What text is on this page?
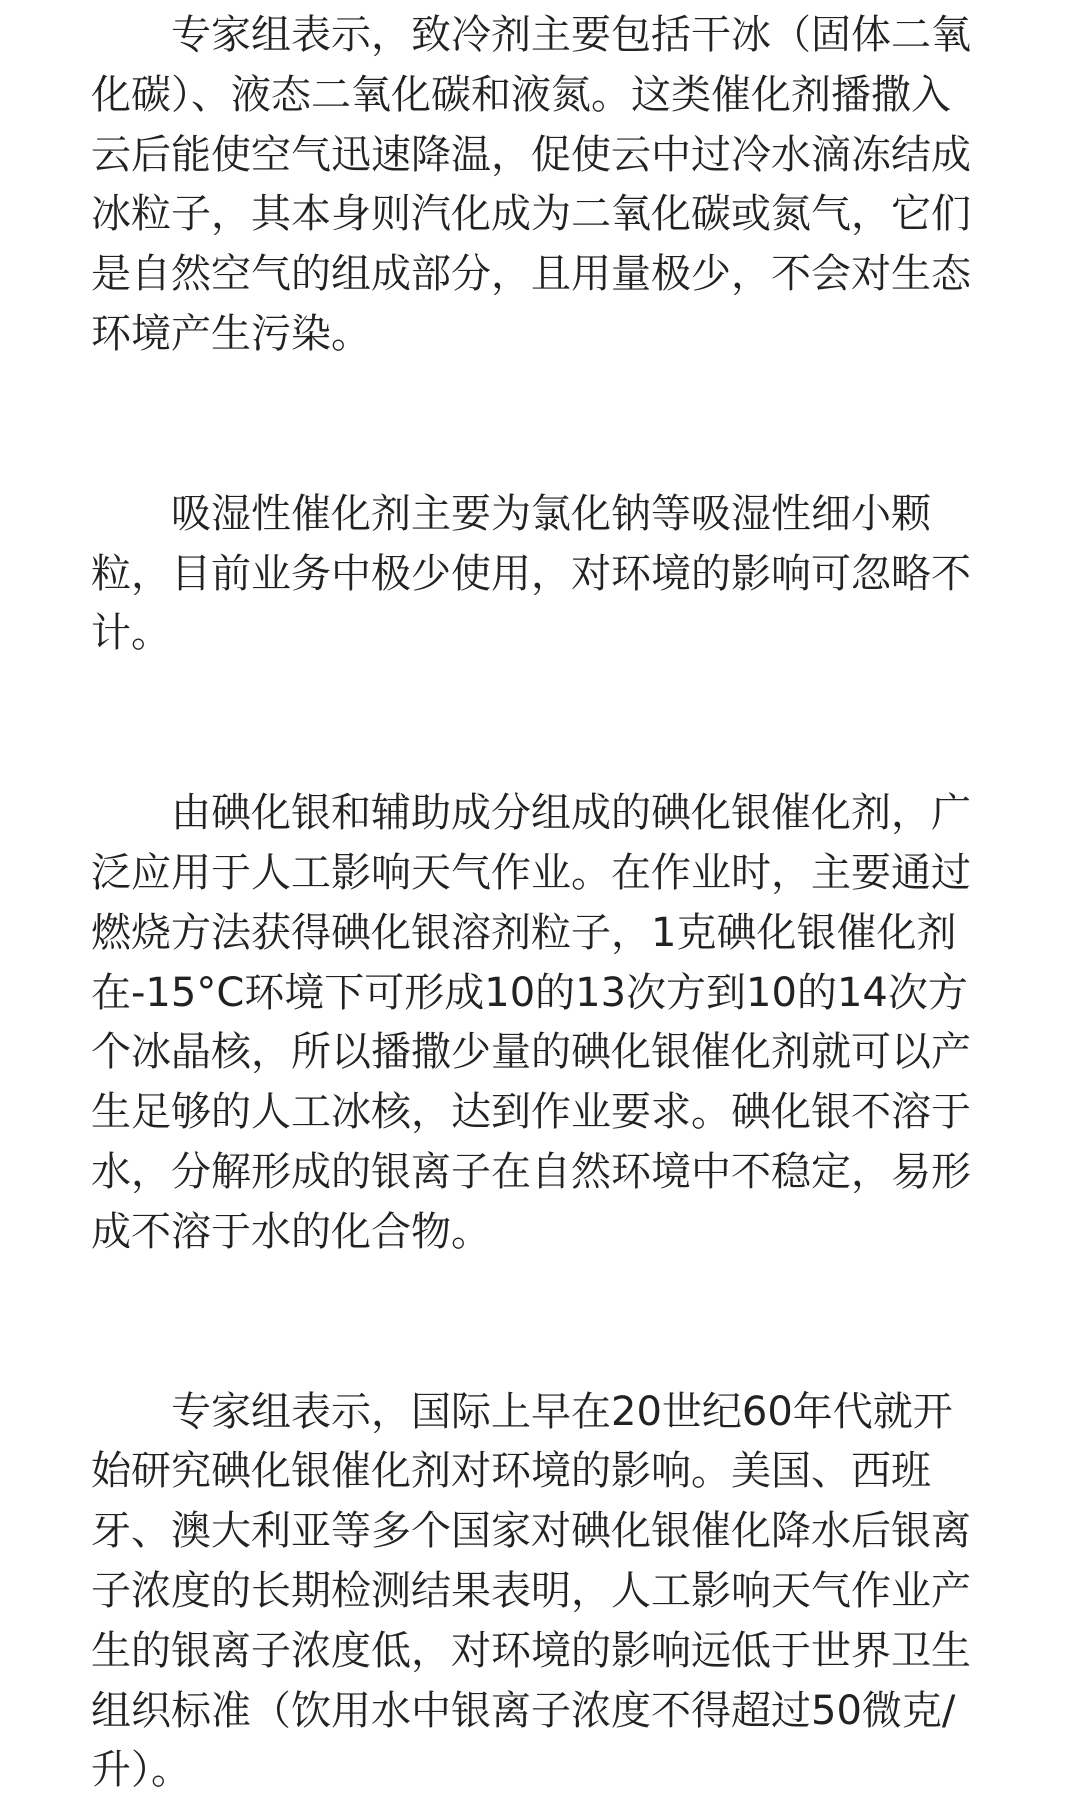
专家组表示，致冷剂主要包括干冰（固体二氧化碳）、液态二氧化碳和液氮。这类催化剂播撒入云后能使空气迅速降温，促使云中过冷水滴冻结成冰粒子，其本身则汽化成为二氧化碳或氮气，它们是自然空气的组成部分，且用量极少，不会对生态环境产生污染。

吸湿性催化剂主要为氯化钠等吸湿性细小颗粒，目前业务中极少使用，对环境的影响可忽略不计。

由碘化银和辅助成分组成的碘化银催化剂，广泛应用于人工影响天气作业。在作业时，主要通过燃烧方法获得碘化银溶剂粒子，1克碘化银催化剂在-15°C环境下可形成10的13次方到10的14次方个冰晶核，所以播撒少量的碘化银催化剂就可以产生足够的人工冰核，达到作业要求。碘化银不溶于水，分解形成的银离子在自然环境中不稳定，易形成不溶于水的化合物。

专家组表示，国际上早在20世纪60年代就开始研究碘化银催化剂对环境的影响。美国、西班牙、澳大利亚等多个国家对碘化银催化降水后银离子浓度的长期检测结果表明，人工影响天气作业产生的银离子浓度低，对环境的影响远低于世界卫生组织标准（饮用水中银离子浓度不得超过50微克/升）。
